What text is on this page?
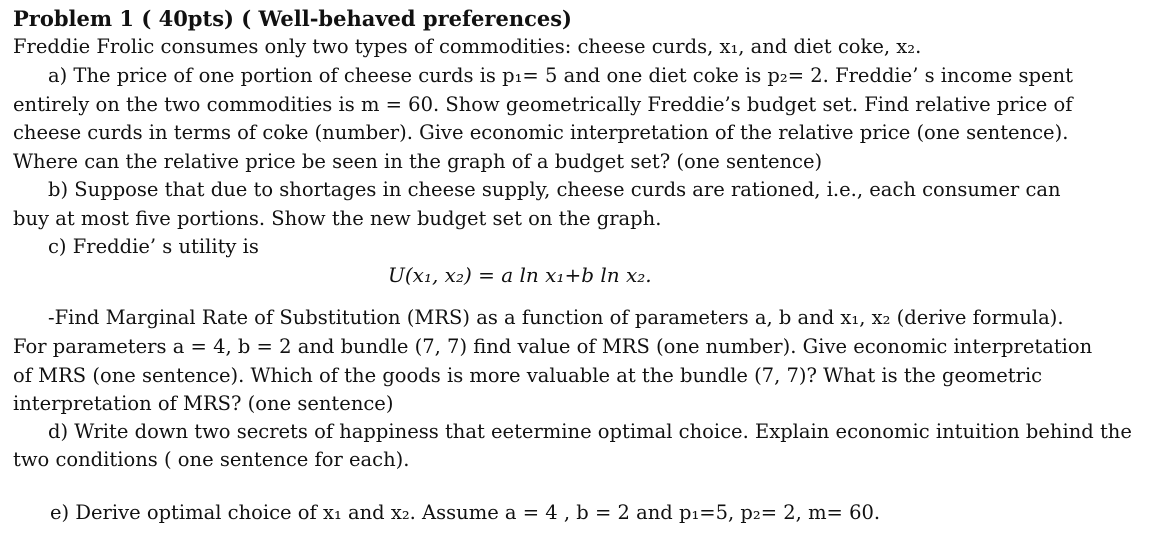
Problem 1 ( 40pts) ( Well-behaved preferences)
Freddie Frolic consumes only two types of commodities: cheese curds, x₁, and diet coke, x₂.
a) The price of one portion of cheese curds is p₁= 5 and one diet coke is p₂= 2. Freddie’ s income spent
entirely on the two commodities is m = 60. Show geometrically Freddie’s budget set. Find relative price of
cheese curds in terms of coke (number). Give economic interpretation of the relative price (one sentence).
Where can the relative price be seen in the graph of a budget set? (one sentence)
b) Suppose that due to shortages in cheese supply, cheese curds are rationed, i.e., each consumer can
buy at most five portions. Show the new budget set on the graph.
c) Freddie’ s utility is
U(x₁, x₂) = a ln x₁+b ln x₂.
-Find Marginal Rate of Substitution (MRS) as a function of parameters a, b and x₁, x₂ (derive formula).
For parameters a = 4, b = 2 and bundle (7, 7) find value of MRS (one number). Give economic interpretation
of MRS (one sentence). Which of the goods is more valuable at the bundle (7, 7)? What is the geometric
interpretation of MRS? (one sentence)
d) Write down two secrets of happiness that eetermine optimal choice. Explain economic intuition behind the
two conditions ( one sentence for each).
e) Derive optimal choice of x₁ and x₂. Assume a = 4 , b = 2 and p₁=5, p₂= 2, m= 60.
